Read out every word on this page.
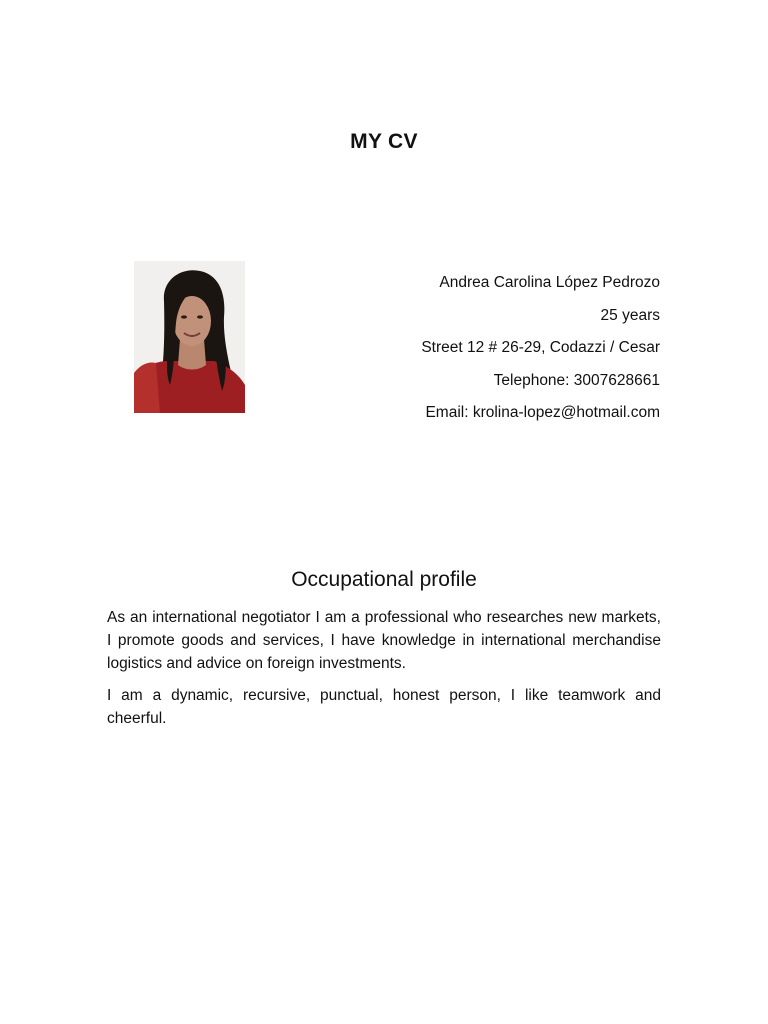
MY CV
Andrea Carolina López Pedrozo
25 years
Street 12 # 26-29, Codazzi / Cesar
Telephone: 3007628661
Email: krolina-lopez@hotmail.com
Occupational profile

As an international negotiator I am a professional who researches new markets, I promote goods and services, I have knowledge in international merchandise logistics and advice on foreign investments.

I am a dynamic, recursive, punctual, honest person, I like teamwork and cheerful.
